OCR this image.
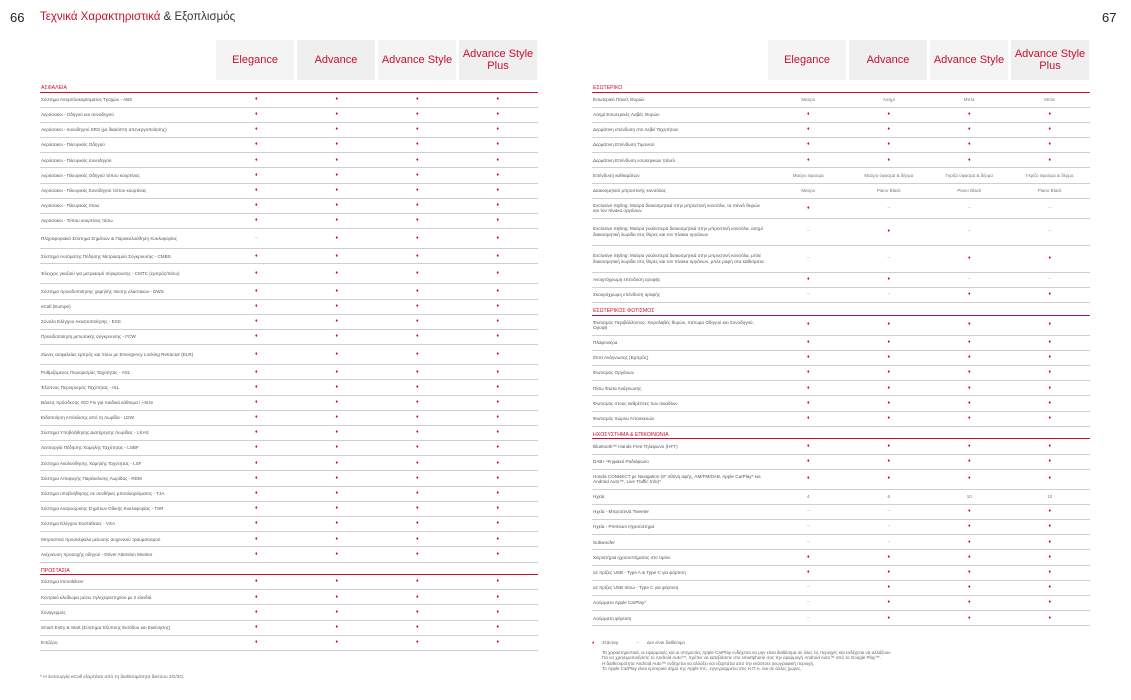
66	67
Τεχνικά Χαρακτηριστικά & Εξοπλισμός
Elegance	Advance	Advance Style Advance Style Plus
ΑΣΦΑΛΕΙΑ				
Σύστημα Αντιμπλοκαρίσματος Τροχών - ABS	♦	♦	♦	♦
Αερόσακοι - Οδηγού και συνοδηγού	♦	♦	♦	♦
Αερόσακοι - συνοδηγού SRS (με διακόπτη απενεργοποίησης)	♦	♦	♦	♦
Αερόσακοι - Πλευρικός Οδηγού	♦	♦	♦	♦
Αερόσακοι - Πλευρικός συνοδηγού	♦	♦	♦	♦
Αερόσακοι - Πλευρικός Οδηγού τύπου κουρτίνας	♦	♦	♦	♦
Αερόσακοι - Πλευρικός Συνοδηγού τύπου κουρτίνας	♦	♦	♦	♦
Αερόσακοι - Πλευρικός πίσω	♦	♦	♦	♦
Αερόσακοι - Τύπου κουρτίνας πίσω	♦	♦	♦	♦
Πληροφοριακό Σύστημα Σημάτων & Παρακολούθηση Κυκλοφορίας	–	♦	♦	♦
Σύστημα Αυτόματης Πέδησης Μετριασμού Σύγκρουσης - CMBS	♦	♦	♦	♦
Έλεγχος γκαζιού για μετριασμό σύγκρουσης - CMTC (εμπρός/πίσω)	♦	♦	♦	♦
Σύστημα προειδοποίησης χαμηλής πίεσης ελαστικών - DWS	♦	♦	♦	♦
eCall (Europe)	♦	♦	♦	♦
Σύνολο Ελέγχου Ακινητοποίησης - ESS	♦	♦	♦	♦
Προειδοποίηση μετωπικής σύγκρουσης - FCW	♦	♦	♦	♦
Ζώνες ασφαλείας εμπρός και πίσω με Emergency Locking Retractor (ELR)	♦	♦	♦	♦
Ρυθμιζόμενος Περιορισμός Ταχύτητας - ASL	♦	♦	♦	♦
Έξυπνος Περιορισμός Ταχύτητας - ISL	♦	♦	♦	♦
Βάσεις πρόσδεσης ISO Fix για παιδικά κάθισμα / i-Size	♦	♦	♦	♦
Ειδοποίηση Απόκλισης από τη Λωρίδα - LDW	♦	♦	♦	♦
Σύστημα Υποβοήθησης Διατήρησης Λωρίδας - LKAS	♦	♦	♦	♦
Λειτουργία Πέδησης Χαμηλής Ταχύτητας - LSBF	♦	♦	♦	♦
Σύστημα Ακολούθησης Χαμηλής Ταχύτητας - LSF	♦	♦	♦	♦
Σύστημα Αποφυγής Παρέκκλισης Λωρίδας - RDM	♦	♦	♦	♦
Σύστημα υποβοήθησης σε συνθήκες μποτιλιαρίσματος - TJA	♦	♦	♦	♦
Σύστημα Αναγνώρισης Σημάτων Οδικής Κυκλοφορίας - TSR	♦	♦	♦	♦
Σύστημα Ελέγχου Ευστάθειας - VSA	♦	♦	♦	♦
Μπροστινά προσκέφαλα μείωσης αυχενικού τραυματισμού	♦	♦	♦	♦
Ανίχνευση προσοχής οδηγού - Driver Attention Monitor	♦	♦	♦	♦
ΠΡΟΣΤΑΣΙΑ				
Σύστημα Immobilizer	♦	♦	♦	♦
Κεντρικό κλείδωμα μέσω τηλεχειριστηρίου με 2 κλειδιά	♦	♦	♦	♦
Συναγερμός	♦	♦	♦	♦
Smart Entry & Start (Σύστημα Έξυπνης Εισόδου και Εκκίνησης)	♦	♦	♦	♦
Επιζέρο	♦	♦	♦	♦
Elegance	Advance	Advance Style Advance Style Plus
ΕΣΩΤΕΡΙΚΟ				
Εσωτερικό Πάνελ Θυρών	Μαύρο	Ασημί	Μπλε	Μπλε
Ασημί Εσωτερικές Λαβές Θυρών	♦	♦	♦	♦
Δερμάτινη επένδυση στο Λεβιέ Ταχυτήτων	♦	♦	♦	♦
Δερμάτινη Επένδυση Τιμονιού	♦	♦	♦	♦
Δερμάτινη Επένδυση εσωτερικών πάνελ	♦	♦	♦	♦
Επένδυση καθισμάτων	Μαύρο ύφασμα	Μαύρο ύφασμα & δέρμα	Γκρίζο ύφασμα & δέρμα	Γκρίζο ύφασμα & δέρμα
Διακοσμητικό μπροστινής κονσόλας	Μαύρο	Piano Black	Piano Black	Piano Black
Exclusive Styling: Μαύρα διακοσμητικά στην μπροστινή κονσόλα, τα πάνελ θυρών και τον πίνακα οργάνων	♦	–	–	–
Exclusive Styling: Μαύρα γυαλιστερά διακοσμητικά στην μπροστινή κονσόλα, ασημί διακοσμητική λωρίδα στις θύρες και τον πίνακα οργάνων	–	♦	–	–
Exclusive Styling: Μαύρα γυαλιστερά διακοσμητικά στην μπροστινή κονσόλα, μπλε διακοσμητική λωρίδα στις θύρες και τον πίνακα οργάνων, μπλε ραφή στα καθίσματα	–	–	♦	♦
Ανοιχτόχρωμη επένδυση οροφής	♦	♦	–	–
Σκουρόχρωμη επένδυση οροφής	–	–	♦	♦
ΕΣΩΤΕΡΙΚΟΣ ΦΩΤΙΣΜΟΣ				
Φωτισμός Περιβάλλοντος: Χειρολαβές θυρών, πάτωμα Οδηγού και Συνοδηγού, Οροφή	♦	♦	♦	♦
Πλαφονιέρα	♦	♦	♦	♦
Σποτ Ανάγνωσης (Εμπρός)	♦	♦	♦	♦
Φωτισμός Οργάνων	♦	♦	♦	♦
Πίσω Φώτα Ανάγνωσης	♦	♦	♦	♦
Φωτισμός στους καθρέπτες των σκιαδίων	♦	♦	♦	♦
Φωτισμός Χώρου Αποσκευών	♦	♦	♦	♦
ΗΧΟΣΥΣΤΗΜΑ & ΕΠΙΚΟΙΝΩΝΙΑ				
Bluetooth™ Hands Free Τηλέφωνο (HFT)	♦	♦	♦	♦
DAB+ Ψηφιακό Ραδιόφωνο	♦	♦	♦	♦
Honda CONNECT με Navigation (9" οθόνη αφής, AM/FM/DAB, Apple CarPlay* και Android Auto™, Live Traffic Info)*	♦	♦	♦	♦
Ηχεία	4	6	10	10
Ηχεία - Μπροστινά Tweeter	–	–	♦	♦
Ηχεία - Premium Ηχοσύστημα	–	–	♦	♦
Subwoofer	–	–	♦	♦
Χειριστήρια ηχοσυστήματος στο τιμόνι	♦	♦	♦	♦
x2 πρίζες USB - Type A & Type C για φόρτιση	♦	♦	♦	♦
x2 πρίζες USB πίσω - Type C για φόρτιση	–	♦	♦	♦
Ασύρματο Apple CarPlay*	–	♦	♦	♦
Ασύρματη φόρτιση	–	♦	♦	♦
♦ Στάνταρ	– Δεν είναι διαθέσιμο
Τα χαρακτηριστικά, οι εφαρμογές και οι υπηρεσίες Apple CarPlay ενδέχεται να μην είναι διαθέσιμα σε όλες τις περιοχές και ενδέχεται να αλλάξουν.
Για να χρησιμοποιήσετε το Android Auto™, πρέπει να κατεβάσετε στο smartphone σας την εφαρμογή Android Auto™ από το Google Play™.
Η διαθεσιμότητα Android Auto™ ενδέχεται να αλλάξει και εξαρτάται από την εκάστοτε γεωγραφική περιοχή.
Το Apple CarPlay είναι εμπορικό σήμα της Apple Inc., εγγεγραμμένο στις Η.Π.Α. και σε άλλες χώρες.
* Η λειτουργία eCall εξαρτάται από τη διαθεσιμότητα δικτύου 2G/3G.
